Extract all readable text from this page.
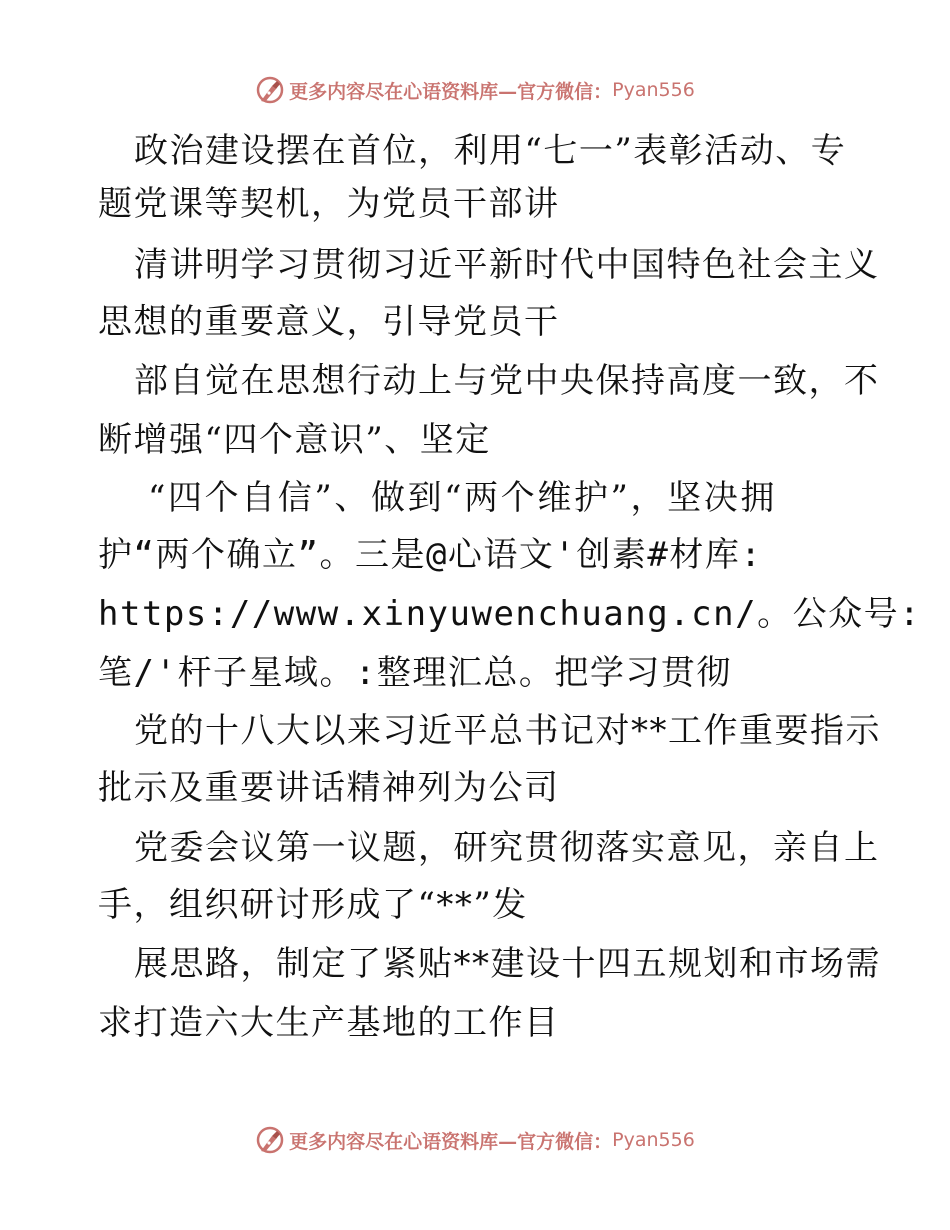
更多内容尽在心语资料库—官方微信： Pyan556
政治建设摆在首位，利用“七一”表彰活动、专
题党课等契机，为党员干部讲
清讲明学习贯彻习近平新时代中国特色社会主义
思想的重要意义，引导党员干
部自觉在思想行动上与党中央保持高度一致，不
断增强“四个意识”、坚定
“四个自信”、做到“两个维护”，坚决拥
护“两个确立”。三是@心语文'创素#材库:
https://www.xinyuwenchuang.cn/。公众号:
笔/'杆子星域。:整理汇总。把学习贯彻
党的十八大以来习近平总书记对**工作重要指示
批示及重要讲话精神列为公司
党委会议第一议题，研究贯彻落实意见，亲自上
手，组织研讨形成了“**”发
展思路，制定了紧贴**建设十四五规划和市场需
求打造六大生产基地的工作目
更多内容尽在心语资料库—官方微信： Pyan556
